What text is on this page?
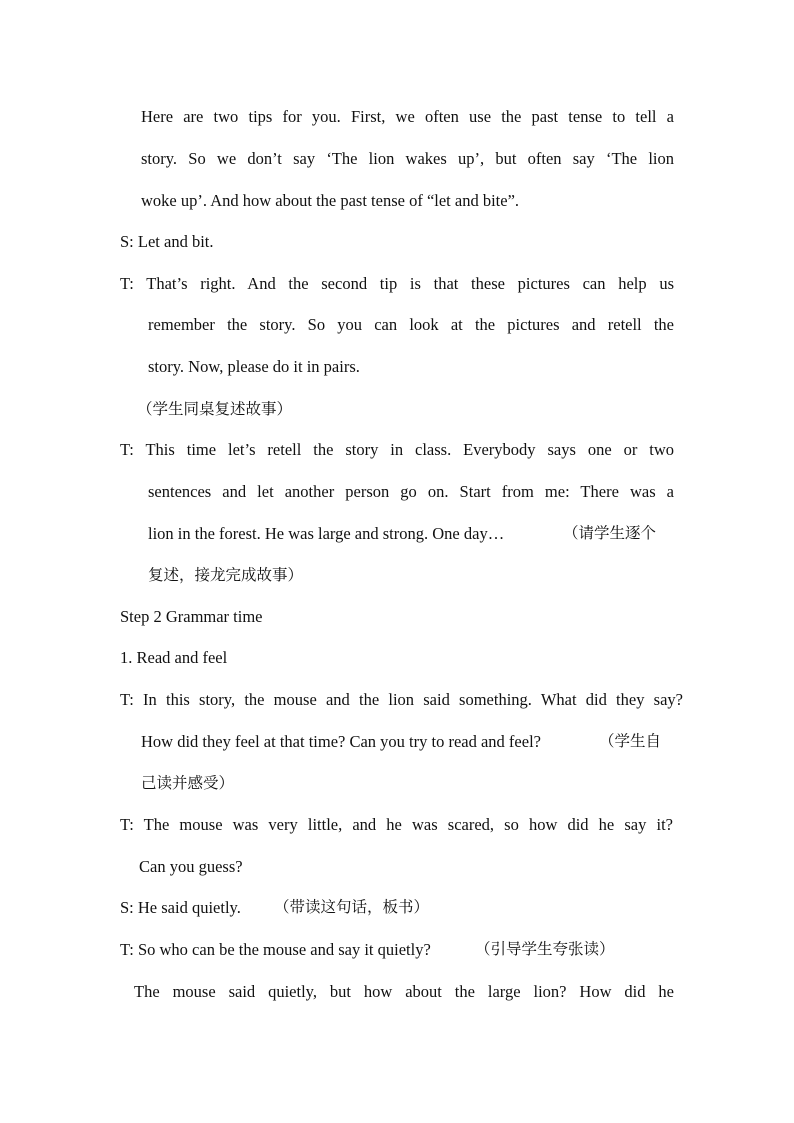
Here are two tips for you. First, we often use the past tense to tell a
story. So we don’t say ‘The lion wakes up’, but often say ‘The lion
woke up’. And how about the past tense of “let and bite”.
S: Let and bit.
T: That’s right. And the second tip is that these pictures can help us
remember the story. So you can look at the pictures and retell the
story. Now, please do it in pairs.
（学生同桌复述故事）
T: This time let’s retell the story in class. Everybody says one or two
sentences and let another person go on. Start from me: There was a
lion in the forest. He was large and strong. One day…	（请学生逐个
复述，接龙完成故事）
Step 2 Grammar time
1. Read and feel
T: In this story, the mouse and the lion said something. What did they say?
How did they feel at that time? Can you try to read and feel?	（学生自
己读并感受）
T: The mouse was very little, and he was scared, so how did he say it?
Can you guess?
S: He said quietly. （带读这句话，板书）
T: So who can be the mouse and say it quietly?	（引导学生夸张读）
The mouse said quietly, but how about the large lion? How did he
